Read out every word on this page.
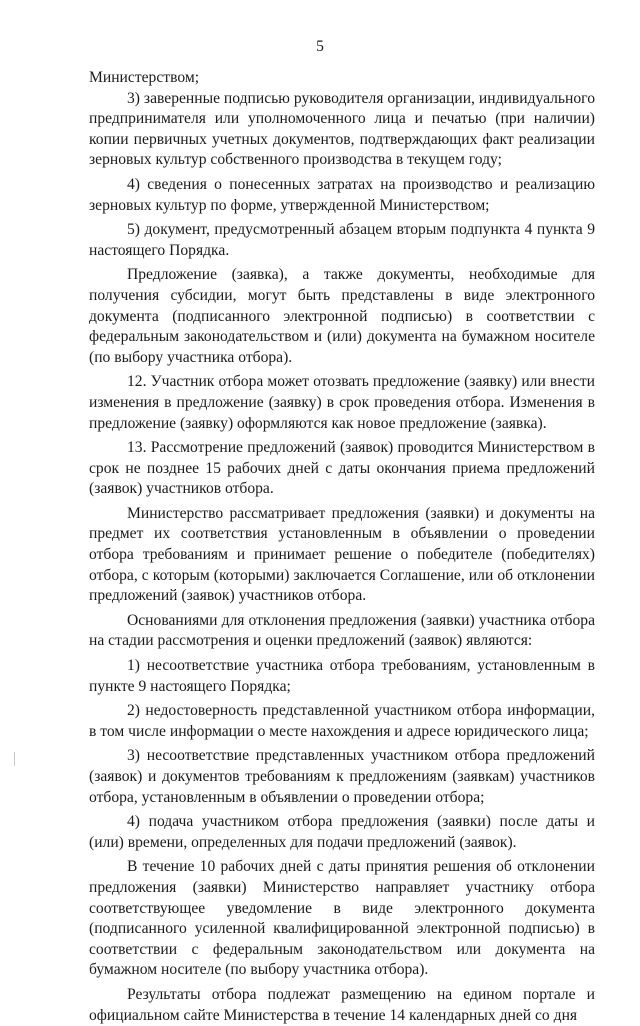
5

Министерством;

3) заверенные подписью руководителя организации, индивидуального предпринимателя или уполномоченного лица и печатью (при наличии) копии первичных учетных документов, подтверждающих факт реализации зерновых культур собственного производства в текущем году;

4) сведения о понесенных затратах на производство и реализацию зерновых культур по форме, утвержденной Министерством;

5) документ, предусмотренный абзацем вторым подпункта 4 пункта 9 настоящего Порядка.

Предложение (заявка), а также документы, необходимые для получения субсидии, могут быть представлены в виде электронного документа (подписанного электронной подписью) в соответствии с федеральным законодательством и (или) документа на бумажном носителе (по выбору участника отбора).

12. Участник отбора может отозвать предложение (заявку) или внести изменения в предложение (заявку) в срок проведения отбора. Изменения в предложение (заявку) оформляются как новое предложение (заявка).

13. Рассмотрение предложений (заявок) проводится Министерством в срок не позднее 15 рабочих дней с даты окончания приема предложений (заявок) участников отбора.

Министерство рассматривает предложения (заявки) и документы на предмет их соответствия установленным в объявлении о проведении отбора требованиям и принимает решение о победителе (победителях) отбора, с которым (которыми) заключается Соглашение, или об отклонении предложений (заявок) участников отбора.

Основаниями для отклонения предложения (заявки) участника отбора на стадии рассмотрения и оценки предложений (заявок) являются:

1) несоответствие участника отбора требованиям, установленным в пункте 9 настоящего Порядка;

2) недостоверность представленной участником отбора информации, в том числе информации о месте нахождения и адресе юридического лица;

3) несоответствие представленных участником отбора предложений (заявок) и документов требованиям к предложениям (заявкам) участников отбора, установленным в объявлении о проведении отбора;

4) подача участником отбора предложения (заявки) после даты и (или) времени, определенных для подачи предложений (заявок).

В течение 10 рабочих дней с даты принятия решения об отклонении предложения (заявки) Министерство направляет участнику отбора соответствующее уведомление в виде электронного документа (подписанного усиленной квалифицированной электронной подписью) в соответствии с федеральным законодательством или документа на бумажном носителе (по выбору участника отбора).

Результаты отбора подлежат размещению на едином портале и официальном сайте Министерства в течение 14 календарных дней со дня
